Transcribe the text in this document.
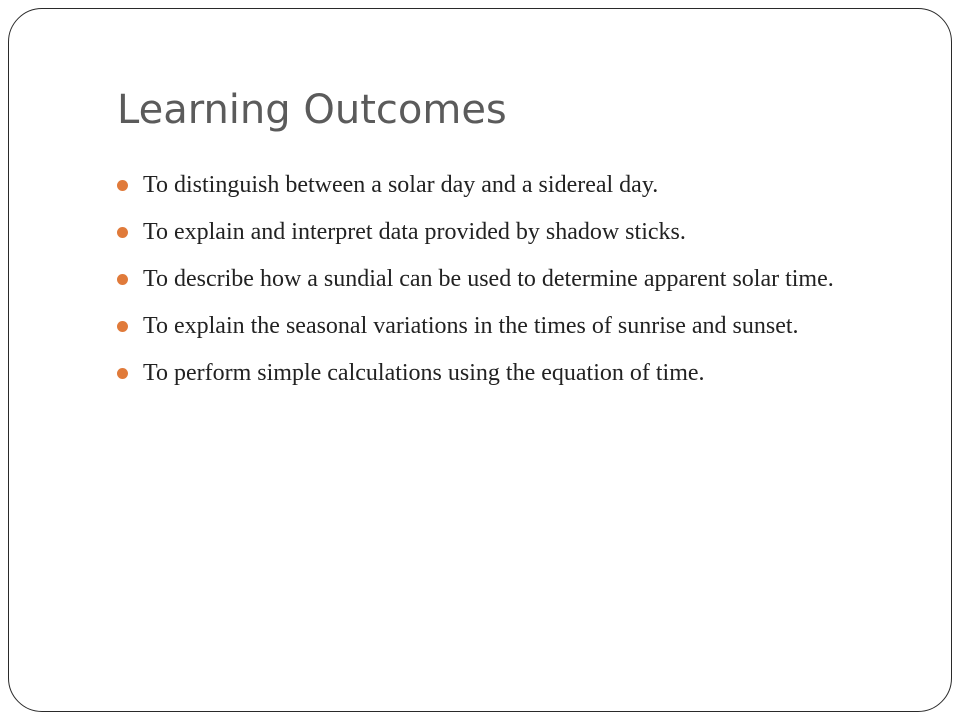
Learning Outcomes
To distinguish between a solar day and a sidereal day.
To explain and interpret data provided by shadow sticks.
To describe how a sundial can be used to determine apparent solar time.
To explain the seasonal variations in the times of sunrise and sunset.
To perform simple calculations using the equation of time.
